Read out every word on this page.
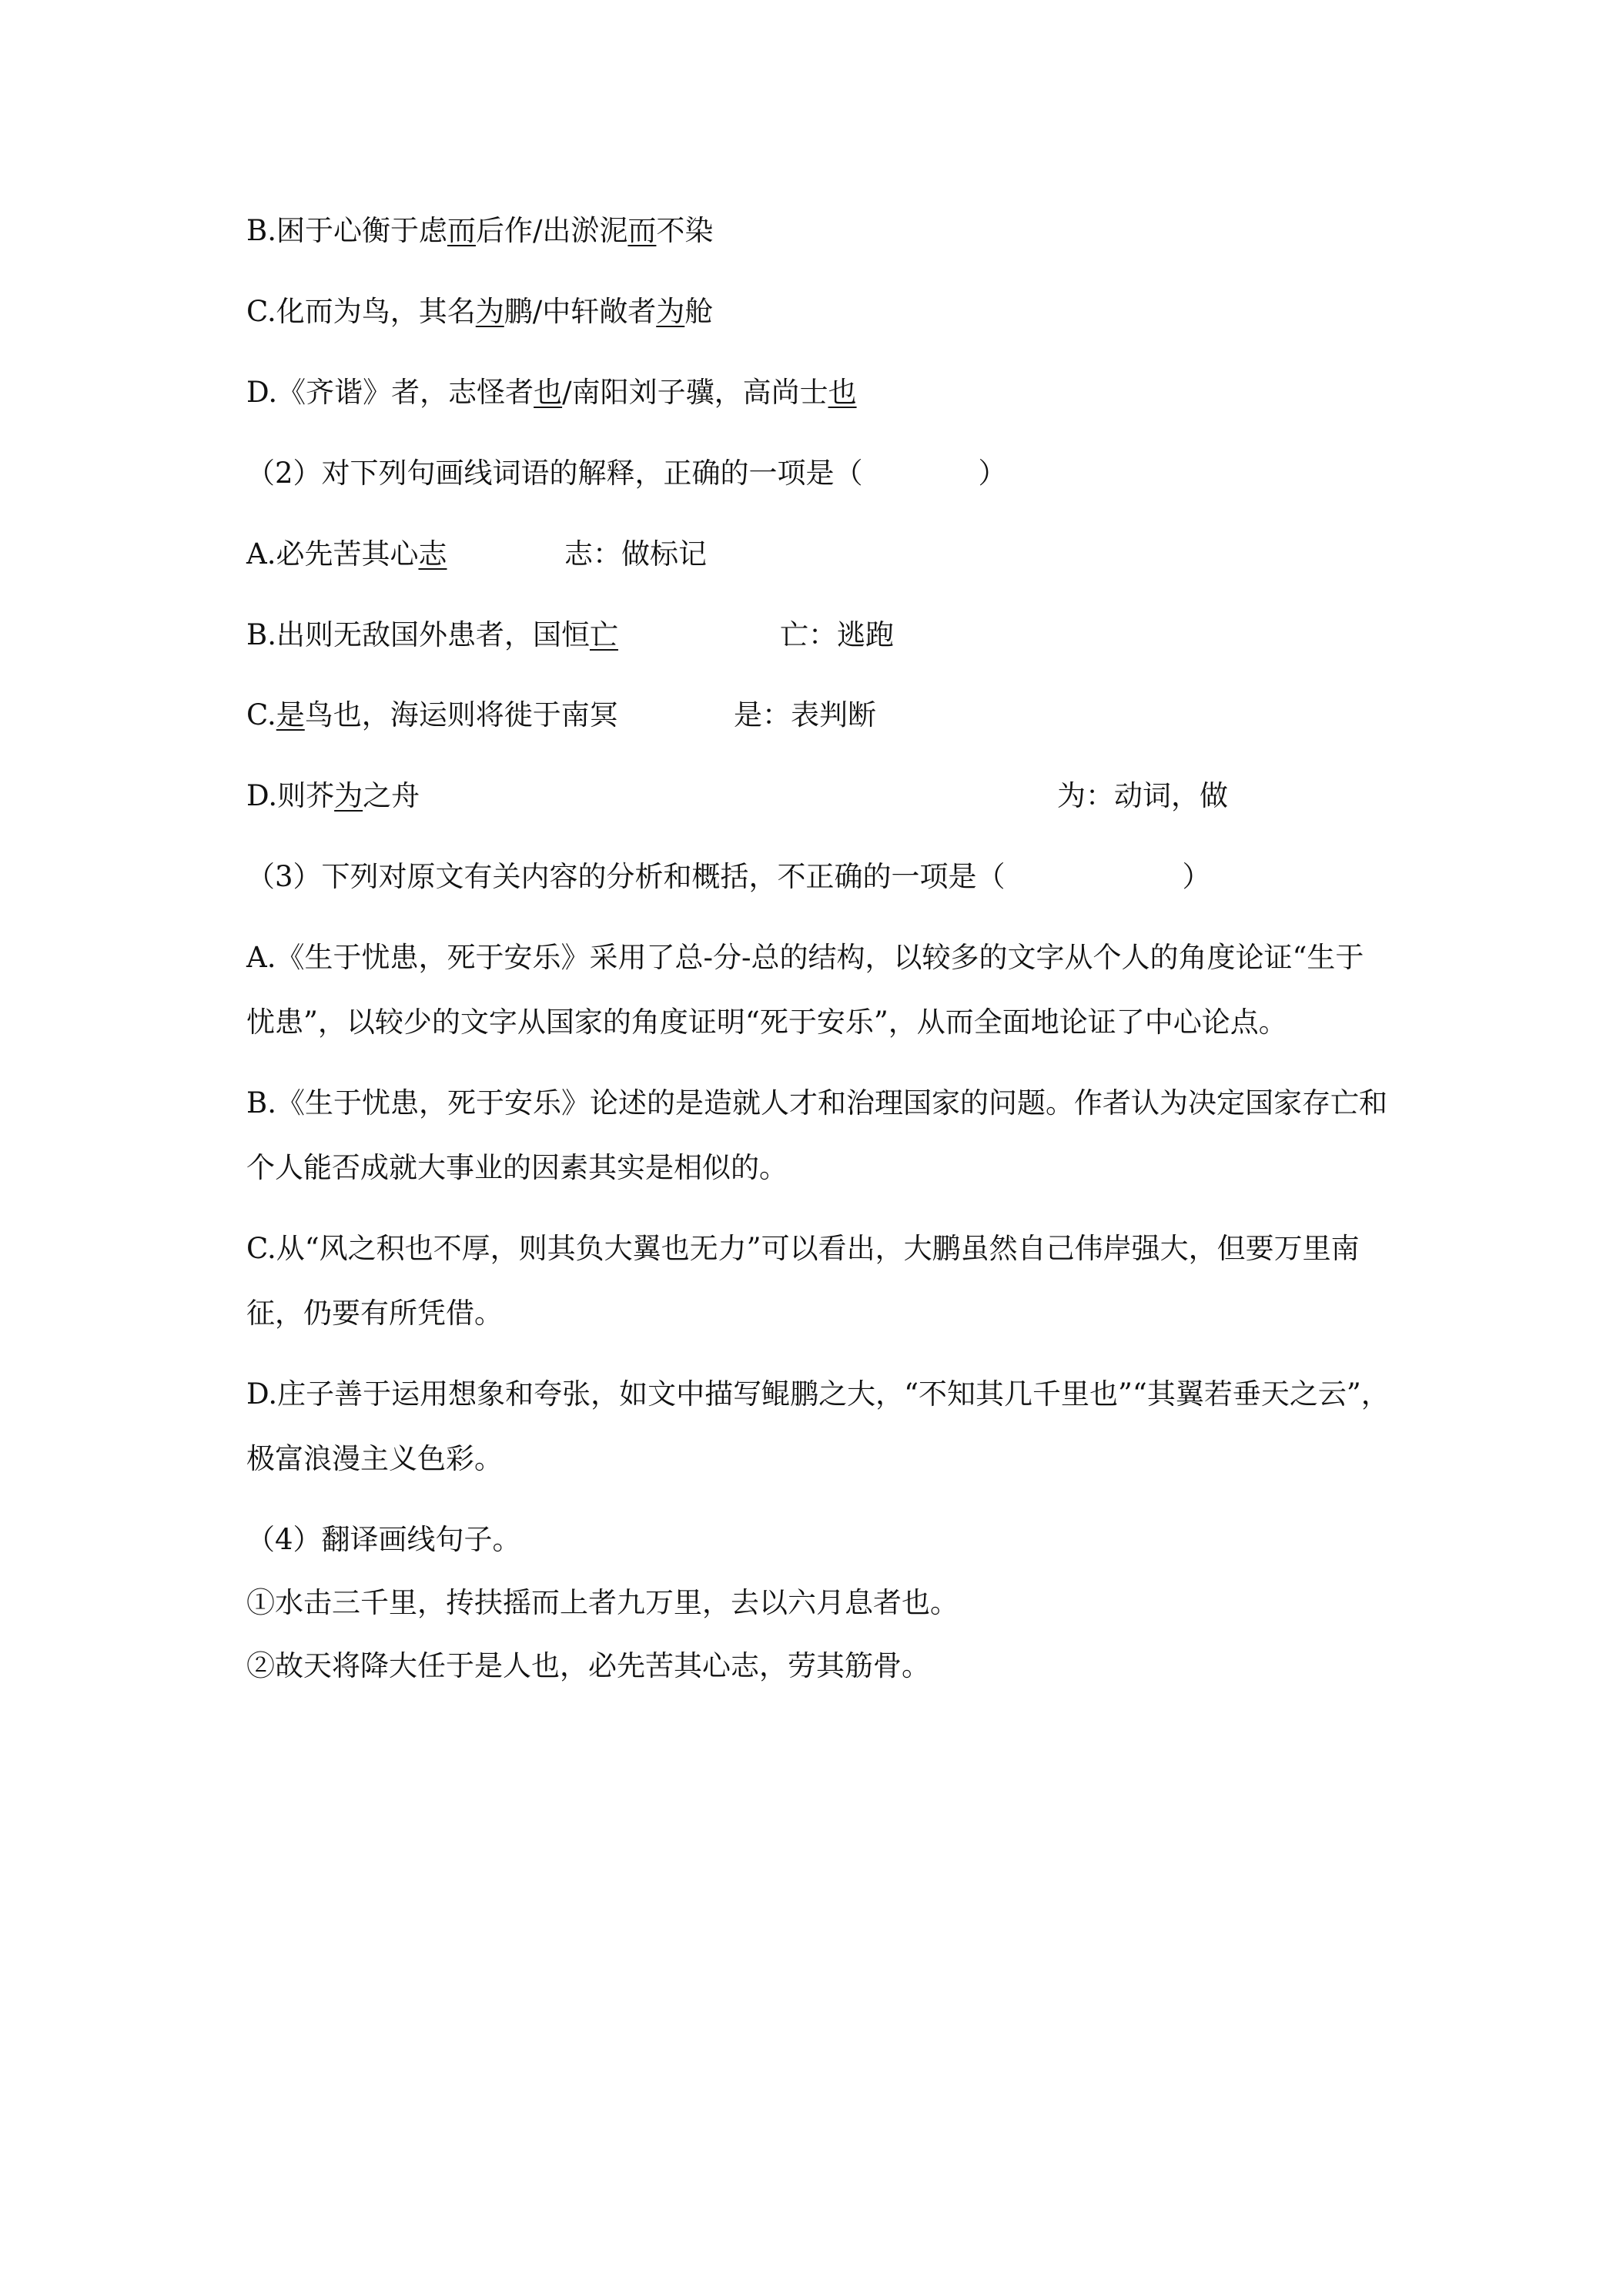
B.困于心衡于虑而后作/出淤泥而不染
C.化而为鸟，其名为鹏/中轩敞者为舱
D.《齐谐》者，志怪者也/南阳刘子骥，高尚士也
（2）对下列句画线词语的解释，正确的一项是（	）
A.必先苦其心志	志：做标记
B.出则无敌国外患者，国恒亡	亡：逃跑
C.是鸟也，海运则将徙于南冥	是：表判断
D.则芥为之舟	为：动词，做
（3）下列对原文有关内容的分析和概括，不正确的一项是（	）
A.《生于忧患，死于安乐》采用了总-分-总的结构，以较多的文字从个人的角度论证“生于
忧患”，以较少的文字从国家的角度证明“死于安乐”，从而全面地论证了中心论点。
B.《生于忧患，死于安乐》论述的是造就人才和治理国家的问题。作者认为决定国家存亡和
个人能否成就大事业的因素其实是相似的。
C.从“风之积也不厚，则其负大翼也无力”可以看出，大鹏虽然自己伟岸强大，但要万里南
征，仍要有所凭借。
D.庄子善于运用想象和夸张，如文中描写鲲鹏之大，“不知其几千里也”“其翼若垂天之云”，
极富浪漫主义色彩。
（4）翻译画线句子。
①水击三千里，抟扶摇而上者九万里，去以六月息者也。
②故天将降大任于是人也，必先苦其心志，劳其筋骨。
